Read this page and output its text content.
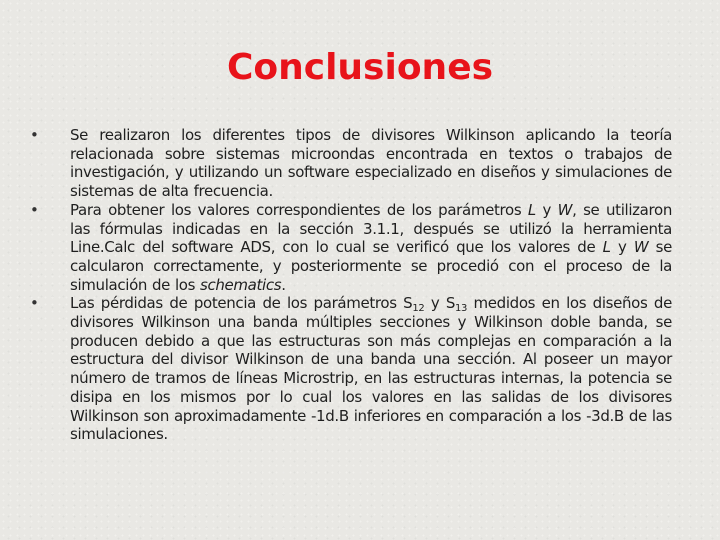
Conclusiones
• Se realizaron los diferentes tipos de divisores Wilkinson aplicando la teoría relacionada sobre sistemas microondas encontrada en textos o trabajos de investigación, y utilizando un software especializado en diseños y simulaciones de sistemas de alta frecuencia.
• Para obtener los valores correspondientes de los parámetros L y W, se utilizaron las fórmulas indicadas en la sección 3.1.1, después se utilizó la herramienta Line.Calc del software ADS, con lo cual se verificó que los valores de L y W se calcularon correctamente, y posteriormente se procedió con el proceso de la simulación de los schematics.
• Las pérdidas de potencia de los parámetros $S_{12}$ y $S_{13}$ medidos en los diseños de divisores Wilkinson una banda múltiples secciones y Wilkinson doble banda, se producen debido a que las estructuras son más complejas en comparación a la estructura del divisor Wilkinson de una banda una sección. Al poseer un mayor número de tramos de líneas Microstrip, en las estructuras internas, la potencia se disipa en los mismos por lo cual los valores en las salidas de los divisores Wilkinson son aproximadamente -1d.B inferiores en comparación a los -3d.B de las simulaciones.
